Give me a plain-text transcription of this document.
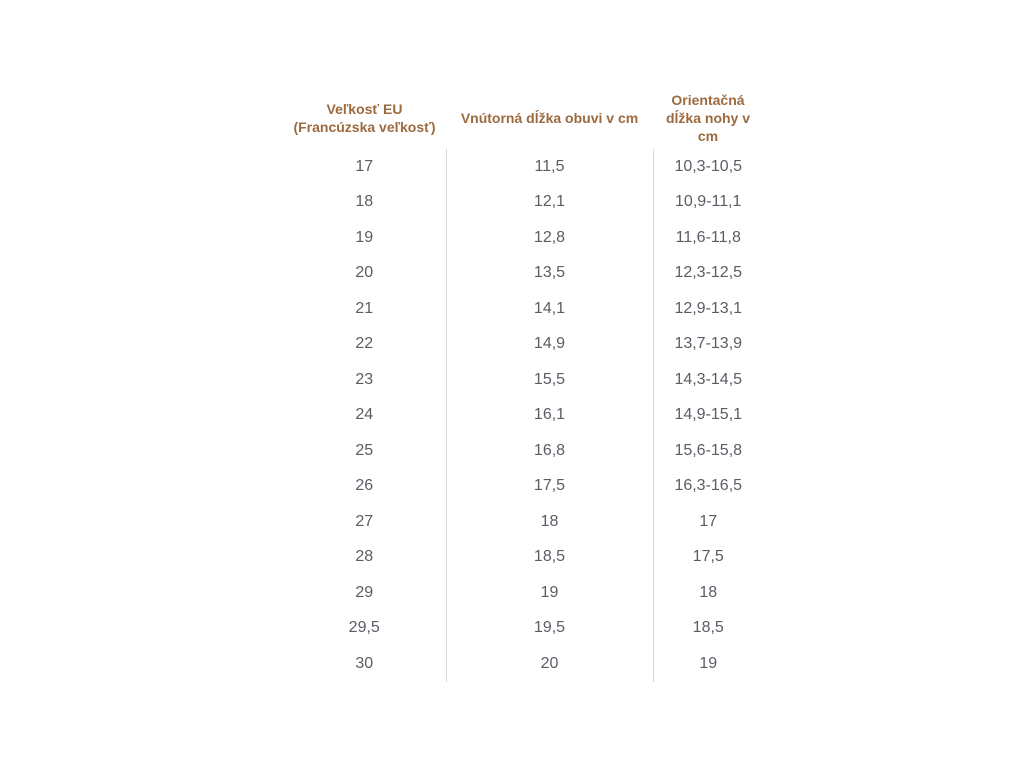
Veľkosť EU (Francúzska veľkosť)	Vnútorná dĺžka obuvi v cm	Orientačná dĺžka nohy v cm
17	11,5	10,3-10,5
18	12,1	10,9-11,1
19	12,8	11,6-11,8
20	13,5	12,3-12,5
21	14,1	12,9-13,1
22	14,9	13,7-13,9
23	15,5	14,3-14,5
24	16,1	14,9-15,1
25	16,8	15,6-15,8
26	17,5	16,3-16,5
27	18	17
28	18,5	17,5
29	19	18
29,5	19,5	18,5
30	20	19
